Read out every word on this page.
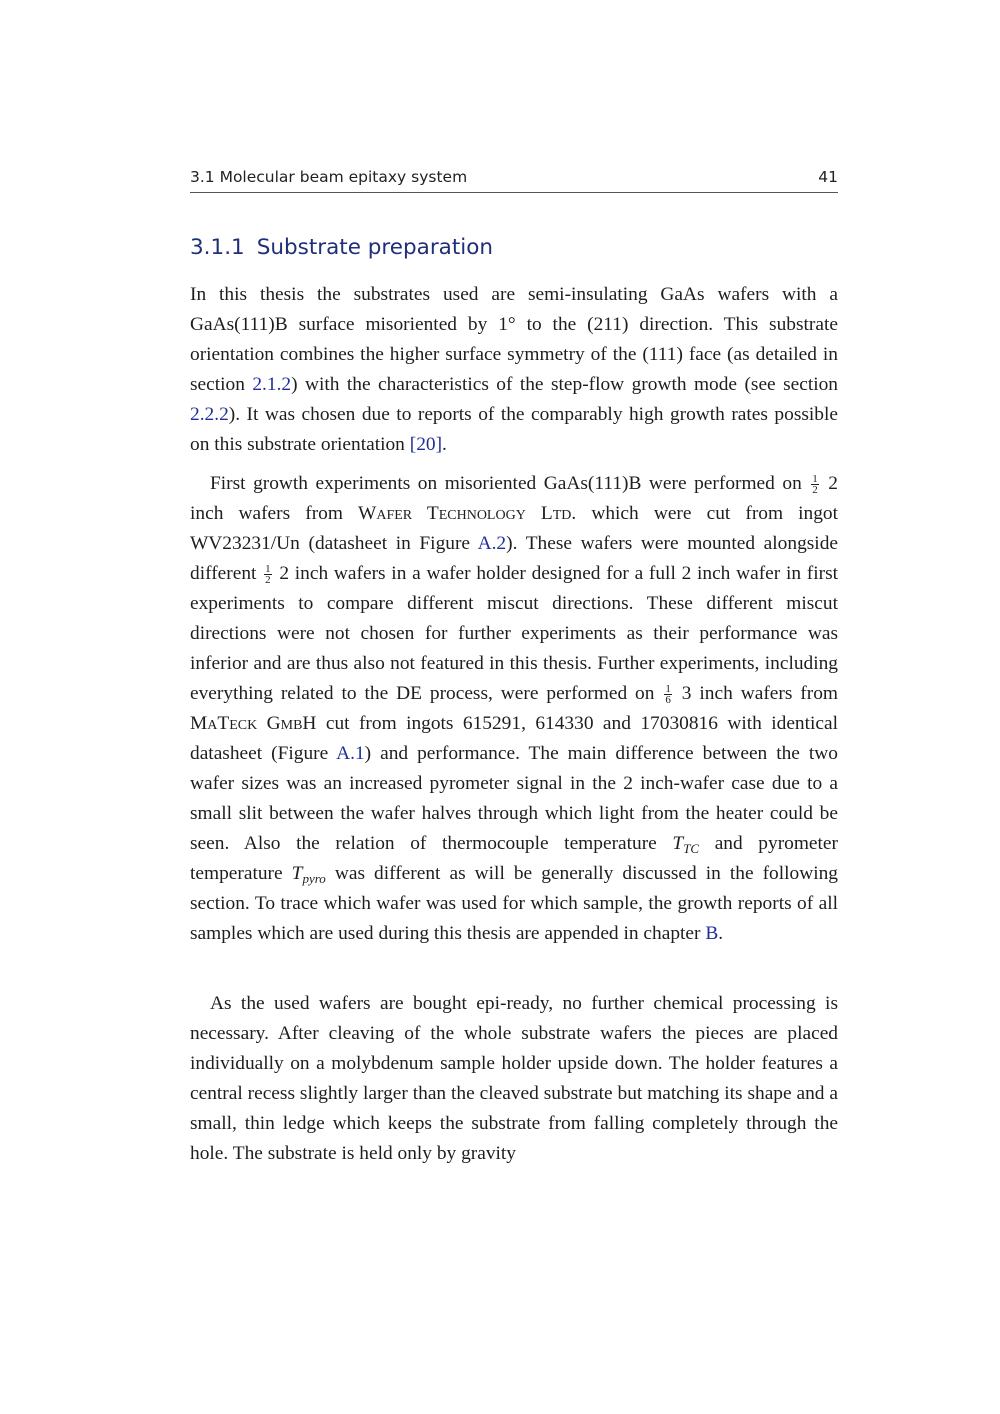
3.1 Molecular beam epitaxy system	41
3.1.1 Substrate preparation

In this thesis the substrates used are semi-insulating GaAs wafers with a GaAs(111)B surface misoriented by 1° to the (211) direction. This substrate orientation combines the higher surface symmetry of the (111) face (as detailed in section 2.1.2) with the characteristics of the step-flow growth mode (see section 2.2.2). It was chosen due to reports of the comparably high growth rates possible on this substrate orientation [20].

First growth experiments on misoriented GaAs(111)B were performed on $\frac{1}{2} 2$ inch wafers from Wafer Technology Ltd. which were cut from ingot WV23231/Un (datasheet in Figure A.2). These wafers were mounted alongside different $\frac{1}{2} 2$ inch wafers in a wafer holder designed for a full 2 inch wafer in first experiments to compare different miscut directions. These different miscut directions were not chosen for further experiments as their performance was inferior and are thus also not featured in this thesis. Further experiments, including everything related to the DE process, were performed on $\frac{1}{6} 3$ inch wafers from MaTeck GmbH cut from ingots 615291, 614330 and 17030816 with identical datasheet (Figure A.1) and performance. The main difference between the two wafer sizes was an increased pyrometer signal in the 2 inch-wafer case due to a small slit between the wafer halves through which light from the heater could be seen. Also the relation of thermocouple temperature $T_{TC}$ and pyrometer temperature $T_{pyro}$ was different as will be generally discussed in the following section. To trace which wafer was used for which sample, the growth reports of all samples which are used during this thesis are appended in chapter B.

As the used wafers are bought epi-ready, no further chemical processing is necessary. After cleaving of the whole substrate wafers the pieces are placed individually on a molybdenum sample holder upside down. The holder features a central recess slightly larger than the cleaved substrate but matching its shape and a small, thin ledge which keeps the substrate from falling completely through the hole. The substrate is held only by gravity
